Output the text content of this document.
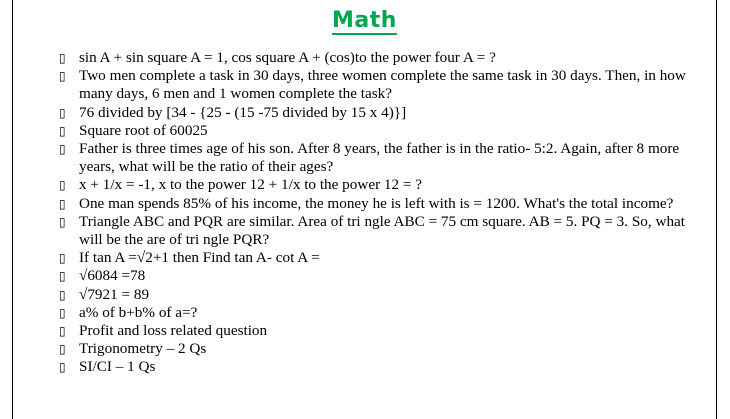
Math
▯ sin A + sin square A = 1, cos square A + (cos)to the power four A = ?
▯ Two men complete a task in 30 days, three women complete the same task in 30 days. Then, in how many days, 6 men and 1 women complete the task?
▯ 76 divided by [34 - {25 - (15 -75 divided by 15 x 4)}]
▯ Square root of 60025
▯ Father is three times age of his son. After 8 years, the father is in the ratio- 5:2. Again, after 8 more years, what will be the ratio of their ages?
▯ x + 1/x = -1, x to the power 12 + 1/x to the power 12 = ?
▯ One man spends 85% of his income, the money he is left with is = 1200. What's the total income?
▯ Triangle ABC and PQR are similar. Area of tri ngle ABC = 75 cm square. AB = 5. PQ = 3. So, what will be the are of tri ngle PQR?
▯ If tan A =√2+1 then Find tan A- cot A =
▯ √6084 =78
▯ √7921 = 89
▯ a% of b+b% of a=?
▯ Profit and loss related question
▯ Trigonometry – 2 Qs
▯ SI/CI – 1 Qs
